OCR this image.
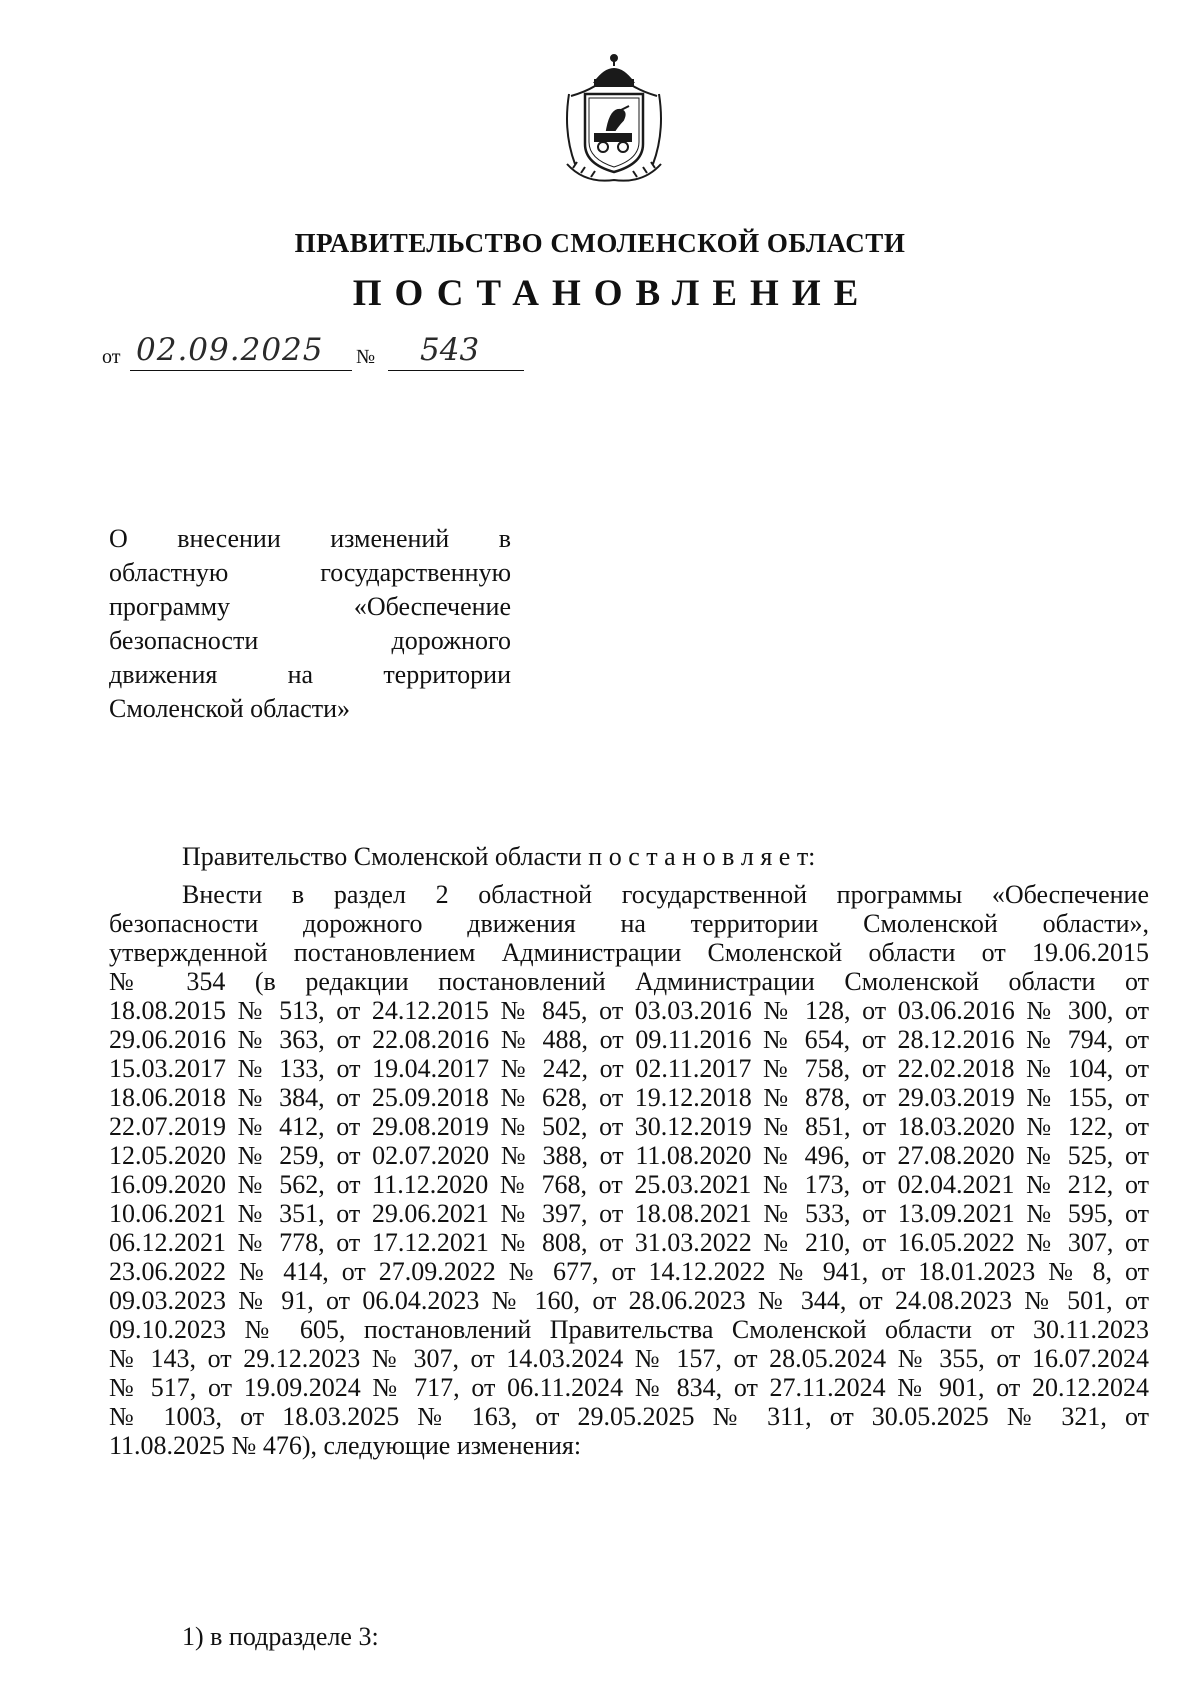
ПРАВИТЕЛЬСТВО СМОЛЕНСКОЙ ОБЛАСТИ
ПОСТАНОВЛЕНИЕ
от 02.09.2025 № 543
О внесении изменений в
областную	государственную
программу	«Обеспечение
безопасности	дорожного
движения	на	территории
Смоленской области»
Правительство Смоленской области п о с т а н о в л я е т:
Внести в раздел 2 областной государственной программы «Обеспечение
безопасности дорожного движения на территории Смоленской области»,
утвержденной постановлением Администрации Смоленской области от 19.06.2015
№ 354 (в редакции постановлений Администрации Смоленской области от
18.08.2015 № 513, от 24.12.2015 № 845, от 03.03.2016 № 128, от 03.06.2016 № 300, от
29.06.2016 № 363, от 22.08.2016 № 488, от 09.11.2016 № 654, от 28.12.2016 № 794, от
15.03.2017 № 133, от 19.04.2017 № 242, от 02.11.2017 № 758, от 22.02.2018 № 104, от
18.06.2018 № 384, от 25.09.2018 № 628, от 19.12.2018 № 878, от 29.03.2019 № 155, от
22.07.2019 № 412, от 29.08.2019 № 502, от 30.12.2019 № 851, от 18.03.2020 № 122, от
12.05.2020 № 259, от 02.07.2020 № 388, от 11.08.2020 № 496, от 27.08.2020 № 525, от
16.09.2020 № 562, от 11.12.2020 № 768, от 25.03.2021 № 173, от 02.04.2021 № 212, от
10.06.2021 № 351, от 29.06.2021 № 397, от 18.08.2021 № 533, от 13.09.2021 № 595, от
06.12.2021 № 778, от 17.12.2021 № 808, от 31.03.2022 № 210, от 16.05.2022 № 307, от
23.06.2022 № 414, от 27.09.2022 № 677, от 14.12.2022 № 941, от 18.01.2023 № 8, от
09.03.2023 № 91, от 06.04.2023 № 160, от 28.06.2023 № 344, от 24.08.2023 № 501, от
09.10.2023 № 605, постановлений Правительства Смоленской области от 30.11.2023
№ 143, от 29.12.2023 № 307, от 14.03.2024 № 157, от 28.05.2024 № 355, от 16.07.2024
№ 517, от 19.09.2024 № 717, от 06.11.2024 № 834, от 27.11.2024 № 901, от 20.12.2024
№ 1003, от 18.03.2025 № 163, от 29.05.2025 № 311, от 30.05.2025 № 321, от
11.08.2025 № 476), следующие изменения:
1) в подразделе 3:
